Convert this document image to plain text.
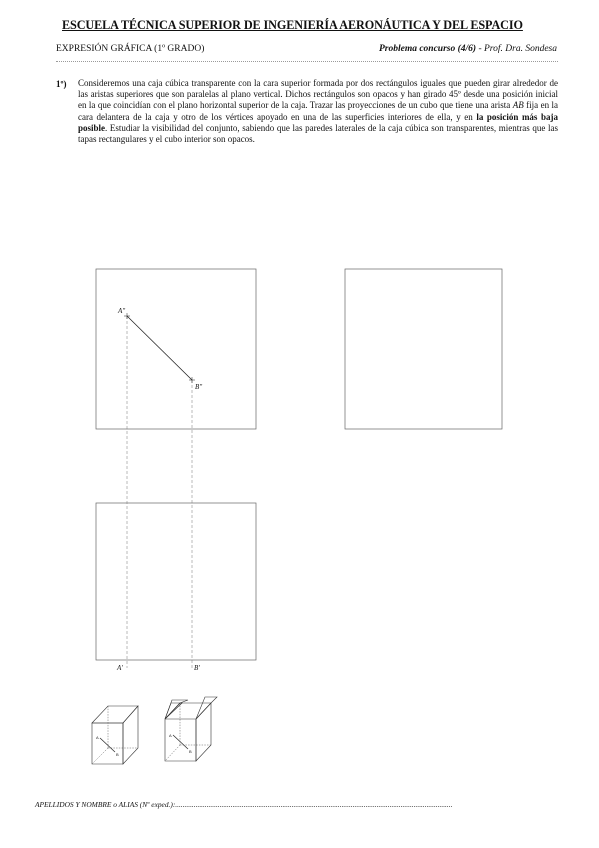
ESCUELA TÉCNICA SUPERIOR DE INGENIERÍA AERONÁUTICA Y DEL ESPACIO
EXPRESIÓN GRÁFICA (1º GRADO)	Problema concurso (4/6) - Prof. Dra. Sondesa
1º) Consideremos una caja cúbica transparente con la cara superior formada por dos rectángulos iguales que pueden girar alrededor de las aristas superiores que son paralelas al plano vertical. Dichos rectángulos son opacos y han girado 45º desde una posición inicial en la que coincidían con el plano horizontal superior de la caja. Trazar las proyecciones de un cubo que tiene una arista AB fija en la cara delantera de la caja y otro de los vértices apoyado en una de las superficies interiores de ella, y en la posición más baja posible. Estudiar la visibilidad del conjunto, sabiendo que las paredes laterales de la caja cúbica son transparentes, mientras que las tapas rectangulares y el cubo interior son opacos.

A"
B"
A'	B'
A
B
A
B
APELLIDOS Y NOMBRE o ALIAS (Nº exped.):......................................................................................................................................................
